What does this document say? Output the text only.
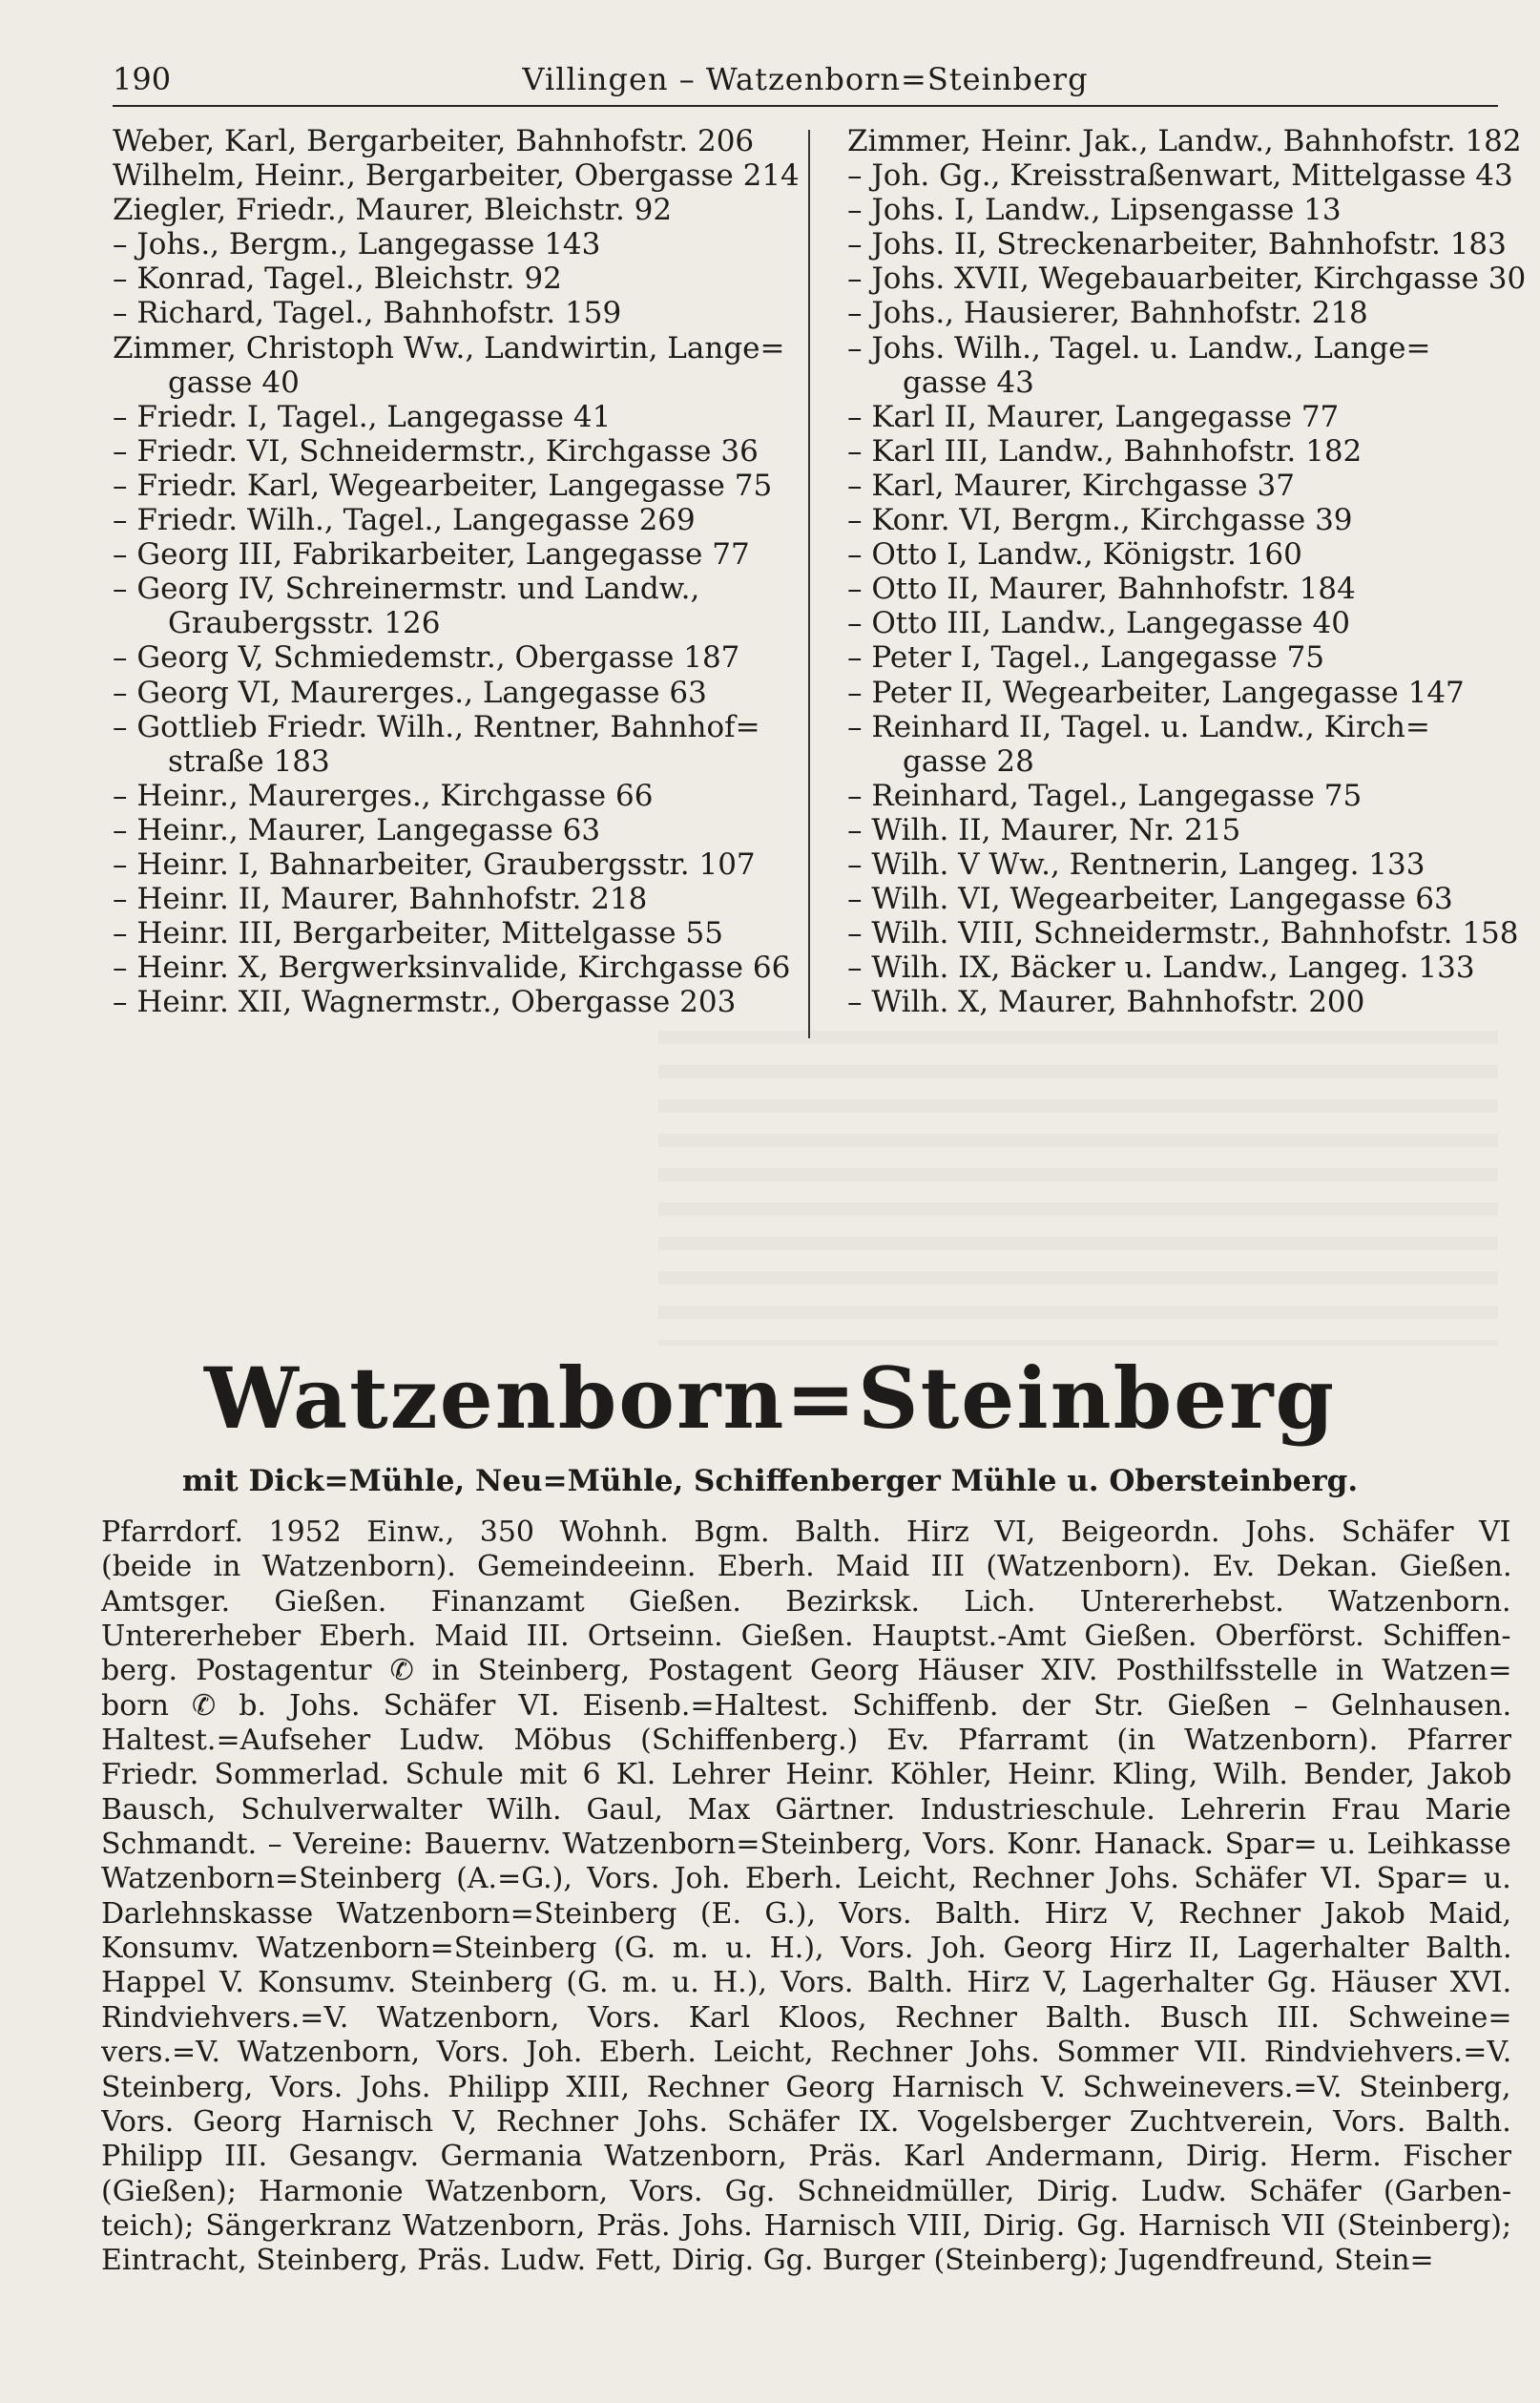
190	Villingen – Watzenborn=Steinberg
Weber, Karl, Bergarbeiter, Bahnhofstr. 206
Wilhelm, Heinr., Bergarbeiter, Obergasse 214
Ziegler, Friedr., Maurer, Bleichstr. 92
– Johs., Bergm., Langegasse 143
– Konrad, Tagel., Bleichstr. 92
– Richard, Tagel., Bahnhofstr. 159
Zimmer, Christoph Ww., Landwirtin, Lange=
gasse 40
– Friedr. I, Tagel., Langegasse 41
– Friedr. VI, Schneidermstr., Kirchgasse 36
– Friedr. Karl, Wegearbeiter, Langegasse 75
– Friedr. Wilh., Tagel., Langegasse 269
– Georg III, Fabrikarbeiter, Langegasse 77
– Georg IV, Schreinermstr. und Landw.,
Graubergsstr. 126
– Georg V, Schmiedemstr., Obergasse 187
– Georg VI, Maurerges., Langegasse 63
– Gottlieb Friedr. Wilh., Rentner, Bahnhof=
straße 183
– Heinr., Maurerges., Kirchgasse 66
– Heinr., Maurer, Langegasse 63
– Heinr. I, Bahnarbeiter, Graubergsstr. 107
– Heinr. II, Maurer, Bahnhofstr. 218
– Heinr. III, Bergarbeiter, Mittelgasse 55
– Heinr. X, Bergwerksinvalide, Kirchgasse 66
– Heinr. XII, Wagnermstr., Obergasse 203
Zimmer, Heinr. Jak., Landw., Bahnhofstr. 182
– Joh. Gg., Kreisstraßenwart, Mittelgasse 43
– Johs. I, Landw., Lipsengasse 13
– Johs. II, Streckenarbeiter, Bahnhofstr. 183
– Johs. XVII, Wegebauarbeiter, Kirchgasse 30
– Johs., Hausierer, Bahnhofstr. 218
– Johs. Wilh., Tagel. u. Landw., Lange=
gasse 43
– Karl II, Maurer, Langegasse 77
– Karl III, Landw., Bahnhofstr. 182
– Karl, Maurer, Kirchgasse 37
– Konr. VI, Bergm., Kirchgasse 39
– Otto I, Landw., Königstr. 160
– Otto II, Maurer, Bahnhofstr. 184
– Otto III, Landw., Langegasse 40
– Peter I, Tagel., Langegasse 75
– Peter II, Wegearbeiter, Langegasse 147
– Reinhard II, Tagel. u. Landw., Kirch=
gasse 28
– Reinhard, Tagel., Langegasse 75
– Wilh. II, Maurer, Nr. 215
– Wilh. V Ww., Rentnerin, Langeg. 133
– Wilh. VI, Wegearbeiter, Langegasse 63
– Wilh. VIII, Schneidermstr., Bahnhofstr. 158
– Wilh. IX, Bäcker u. Landw., Langeg. 133
– Wilh. X, Maurer, Bahnhofstr. 200
Watzenborn=Steinberg
mit Dick=Mühle, Neu=Mühle, Schiffenberger Mühle u. Obersteinberg.
Pfarrdorf. 1952 Einw., 350 Wohnh. Bgm. Balth. Hirz VI, Beigeordn. Johs. Schäfer VI
(beide in Watzenborn). Gemeindeeinn. Eberh. Maid III (Watzenborn). Ev. Dekan. Gießen.
Amtsger. Gießen. Finanzamt Gießen. Bezirksk. Lich. Untererhebst. Watzenborn.
Untererheber Eberh. Maid III. Ortseinn. Gießen. Hauptst.-Amt Gießen. Oberförst. Schiffen-
berg. Postagentur ✆ in Steinberg, Postagent Georg Häuser XIV. Posthilfsstelle in Watzen=
born ✆ b. Johs. Schäfer VI. Eisenb.=Haltest. Schiffenb. der Str. Gießen – Gelnhausen.
Haltest.=Aufseher Ludw. Möbus (Schiffenberg.) Ev. Pfarramt (in Watzenborn). Pfarrer
Friedr. Sommerlad. Schule mit 6 Kl. Lehrer Heinr. Köhler, Heinr. Kling, Wilh. Bender, Jakob
Bausch, Schulverwalter Wilh. Gaul, Max Gärtner. Industrieschule. Lehrerin Frau Marie
Schmandt. – Vereine: Bauernv. Watzenborn=Steinberg, Vors. Konr. Hanack. Spar= u. Leihkasse
Watzenborn=Steinberg (A.=G.), Vors. Joh. Eberh. Leicht, Rechner Johs. Schäfer VI. Spar= u.
Darlehnskasse Watzenborn=Steinberg (E. G.), Vors. Balth. Hirz V, Rechner Jakob Maid,
Konsumv. Watzenborn=Steinberg (G. m. u. H.), Vors. Joh. Georg Hirz II, Lagerhalter Balth.
Happel V. Konsumv. Steinberg (G. m. u. H.), Vors. Balth. Hirz V, Lagerhalter Gg. Häuser XVI.
Rindviehvers.=V. Watzenborn, Vors. Karl Kloos, Rechner Balth. Busch III. Schweine=
vers.=V. Watzenborn, Vors. Joh. Eberh. Leicht, Rechner Johs. Sommer VII. Rindviehvers.=V.
Steinberg, Vors. Johs. Philipp XIII, Rechner Georg Harnisch V. Schweinevers.=V. Steinberg,
Vors. Georg Harnisch V, Rechner Johs. Schäfer IX. Vogelsberger Zuchtverein, Vors. Balth.
Philipp III. Gesangv. Germania Watzenborn, Präs. Karl Andermann, Dirig. Herm. Fischer
(Gießen); Harmonie Watzenborn, Vors. Gg. Schneidmüller, Dirig. Ludw. Schäfer (Garben-
teich); Sängerkranz Watzenborn, Präs. Johs. Harnisch VIII, Dirig. Gg. Harnisch VII (Steinberg);
Eintracht, Steinberg, Präs. Ludw. Fett, Dirig. Gg. Burger (Steinberg); Jugendfreund, Stein=
